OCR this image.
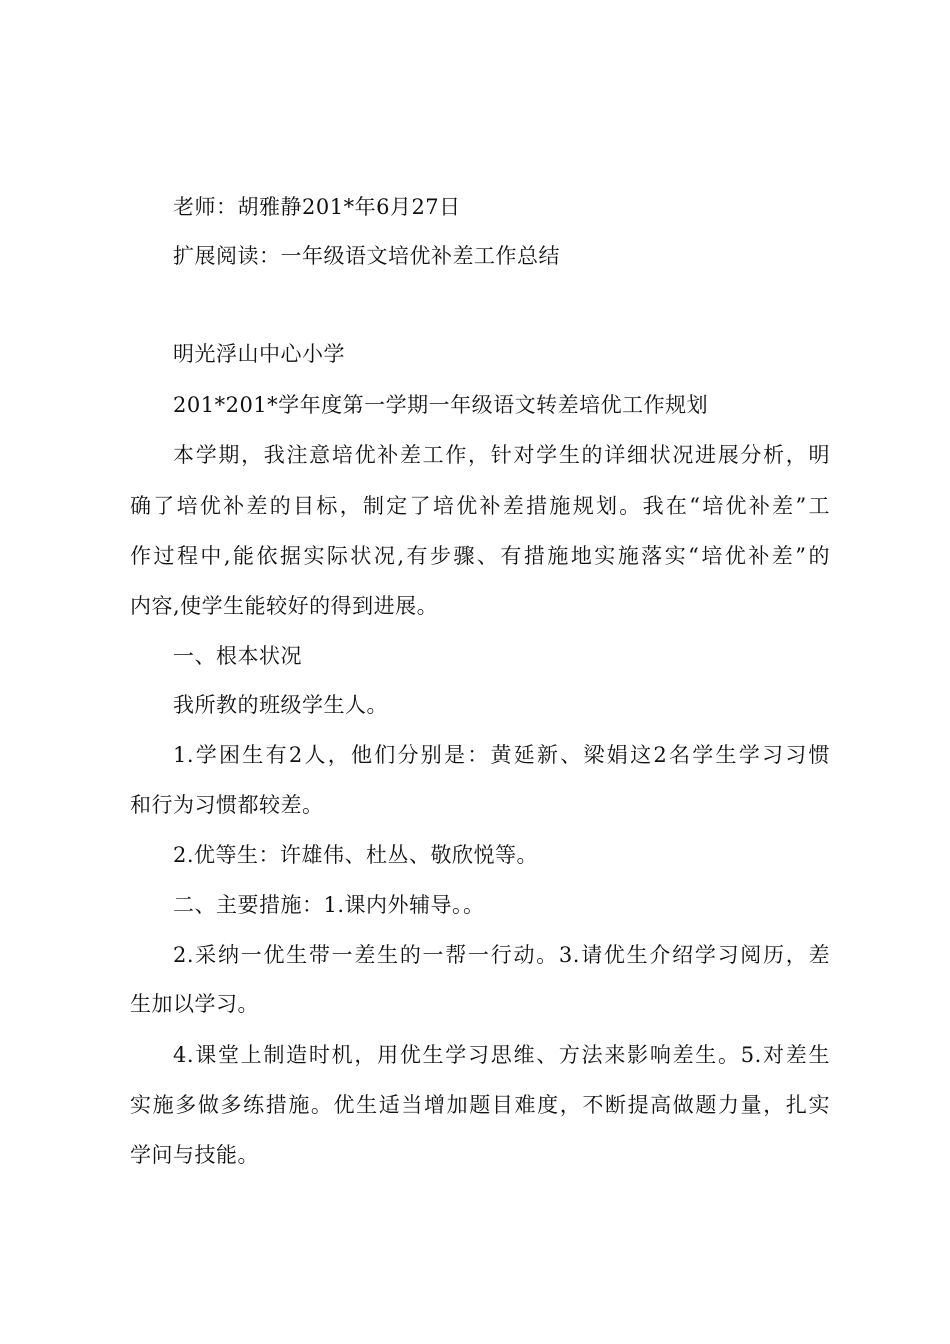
老师：胡雅静201*年6月27日
扩展阅读：一年级语文培优补差工作总结
明光浮山中心小学
201*201*学年度第一学期一年级语文转差培优工作规划
本学期，我注意培优补差工作，针对学生的详细状况进展分析，明
确了培优补差的目标，制定了培优补差措施规划。我在“培优补差”工
作过程中,能依据实际状况,有步骤、有措施地实施落实“培优补差”的
内容,使学生能较好的得到进展。
一、根本状况
我所教的班级学生人。
1.学困生有2人，他们分别是：黄延新、梁娟这2名学生学习习惯
和行为习惯都较差。
2.优等生：许雄伟、杜丛、敬欣悦等。
二、主要措施：1.课内外辅导。。
2.采纳一优生带一差生的一帮一行动。3.请优生介绍学习阅历，差
生加以学习。
4.课堂上制造时机，用优生学习思维、方法来影响差生。5.对差生
实施多做多练措施。优生适当增加题目难度，不断提高做题力量，扎实
学问与技能。
